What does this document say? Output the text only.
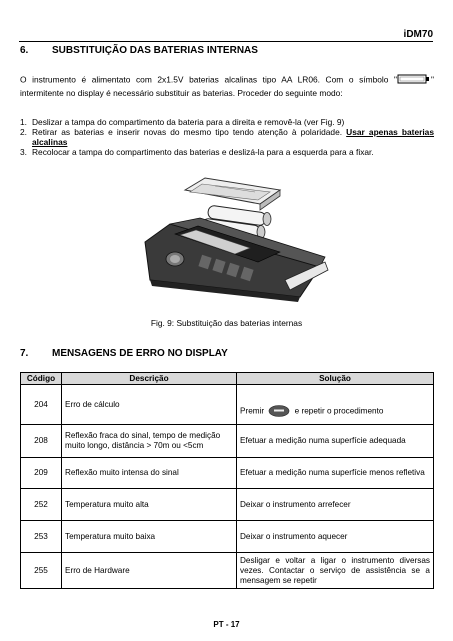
iDM70
6. SUBSTITUIÇÃO DAS BATERIAS INTERNAS
O instrumento é alimentato com 2x1.5V baterias alcalinas tipo AA LR06. Com o símbolo "	" intermitente no display é necessário substituir as baterias. Proceder do seguinte modo:
1. Deslizar a tampa do compartimento da bateria para a direita e removê-la (ver Fig. 9)
2. Retirar as baterias e inserir novas do mesmo tipo tendo atenção à polaridade. Usar apenas baterias alcalinas
3. Recolocar a tampa do compartimento das baterias e deslizá-la para a esquerda para a fixar.
Fig. 9: Substituição das baterias internas
7. MENSAGENS DE ERRO NO DISPLAY
Código	Descrição	Solução
204	Erro de cálculo	Premir e repetir o procedimento
208	Reflexão fraca do sinal, tempo de medição muito longo, distância > 70m ou <5cm	Efetuar a medição numa superfície adequada
209	Reflexão muito intensa do sinal	Efetuar a medição numa superfície menos refletiva
252	Temperatura muito alta	Deixar o instrumento arrefecer
253	Temperatura muito baixa	Deixar o instrumento aquecer
255	Erro de Hardware	Desligar e voltar a ligar o instrumento diversas vezes. Contactar o serviço de assistência se a mensagem se repetir
PT - 17
